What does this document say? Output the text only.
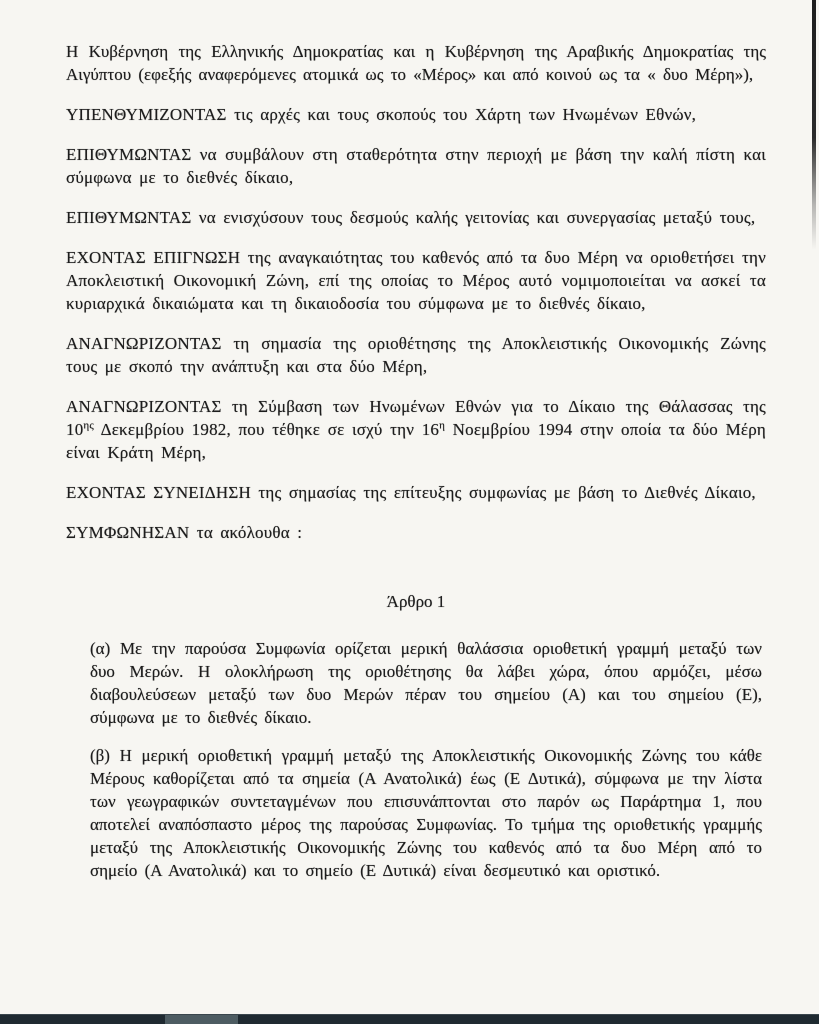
Η Κυβέρνηση της Ελληνικής Δημοκρατίας και η Κυβέρνηση της Αραβικής Δημοκρατίας της Αιγύπτου (εφεξής αναφερόμενες ατομικά ως το «Μέρος» και από κοινού ως τα « δυο Μέρη»),

ΥΠΕΝΘΥΜΙΖΟΝΤΑΣ τις αρχές και τους σκοπούς του Χάρτη των Ηνωμένων Εθνών,

ΕΠΙΘΥΜΩΝΤΑΣ να συμβάλουν στη σταθερότητα στην περιοχή με βάση την καλή πίστη και σύμφωνα με το διεθνές δίκαιο,

ΕΠΙΘΥΜΩΝΤΑΣ να ενισχύσουν τους δεσμούς καλής γειτονίας και συνεργασίας μεταξύ τους,

ΕΧΟΝΤΑΣ ΕΠΙΓΝΩΣΗ της αναγκαιότητας του καθενός από τα δυο Μέρη να οριοθετήσει την Αποκλειστική Οικονομική Ζώνη, επί της οποίας το Μέρος αυτό νομιμοποιείται να ασκεί τα κυριαρχικά δικαιώματα και τη δικαιοδοσία του σύμφωνα με το διεθνές δίκαιο,

ΑΝΑΓΝΩΡΙΖΟΝΤΑΣ τη σημασία της οριοθέτησης της Αποκλειστικής Οικονομικής Ζώνης τους με σκοπό την ανάπτυξη και στα δύο Μέρη,

ΑΝΑΓΝΩΡΙΖΟΝΤΑΣ τη Σύμβαση των Ηνωμένων Εθνών για το Δίκαιο της Θάλασσας της $10^{\eta\varsigma}$ Δεκεμβρίου 1982, που τέθηκε σε ισχύ την $16^\eta$ Νοεμβρίου 1994 στην οποία τα δύο Μέρη είναι Κράτη Μέρη,

ΕΧΟΝΤΑΣ ΣΥΝΕΙΔΗΣΗ της σημασίας της επίτευξης συμφωνίας με βάση το Διεθνές Δίκαιο,

ΣΥΜΦΩΝΗΣΑΝ τα ακόλουθα :

Άρθρο 1

(α) Με την παρούσα Συμφωνία ορίζεται μερική θαλάσσια οριοθετική γραμμή μεταξύ των δυο Μερών. Η ολοκλήρωση της οριοθέτησης θα λάβει χώρα, όπου αρμόζει, μέσω διαβουλεύσεων μεταξύ των δυο Μερών πέραν του σημείου (Α) και του σημείου (Ε), σύμφωνα με το διεθνές δίκαιο.

(β) Η μερική οριοθετική γραμμή μεταξύ της Αποκλειστικής Οικονομικής Ζώνης του κάθε Μέρους καθορίζεται από τα σημεία (Α Ανατολικά) έως (Ε Δυτικά), σύμφωνα με την λίστα των γεωγραφικών συντεταγμένων που επισυνάπτονται στο παρόν ως Παράρτημα 1, που αποτελεί αναπόσπαστο μέρος της παρούσας Συμφωνίας. Το τμήμα της οριοθετικής γραμμής μεταξύ της Αποκλειστικής Οικονομικής Ζώνης του καθενός από τα δυο Μέρη από το σημείο (Α Ανατολικά) και το σημείο (Ε Δυτικά) είναι δεσμευτικό και οριστικό.
